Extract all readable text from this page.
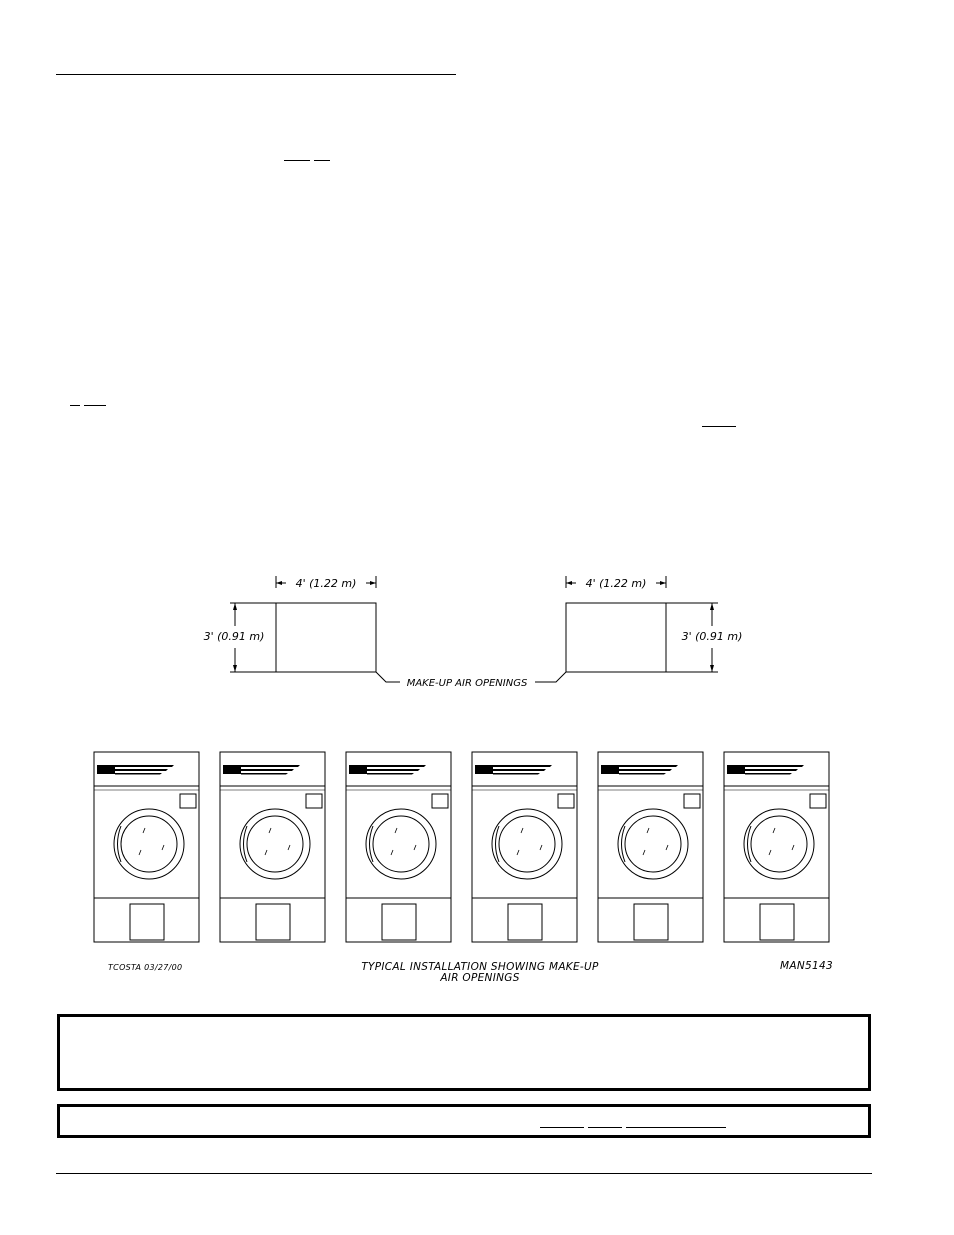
4' (1.22 m)	4' (1.22 m)
3' (0.91 m)	3' (0.91 m)
MAKE-UP AIR OPENINGS
TCOSTA 03/27/00	TYPICAL INSTALLATION SHOWING MAKE-UP
AIR OPENINGS
MAN5143
